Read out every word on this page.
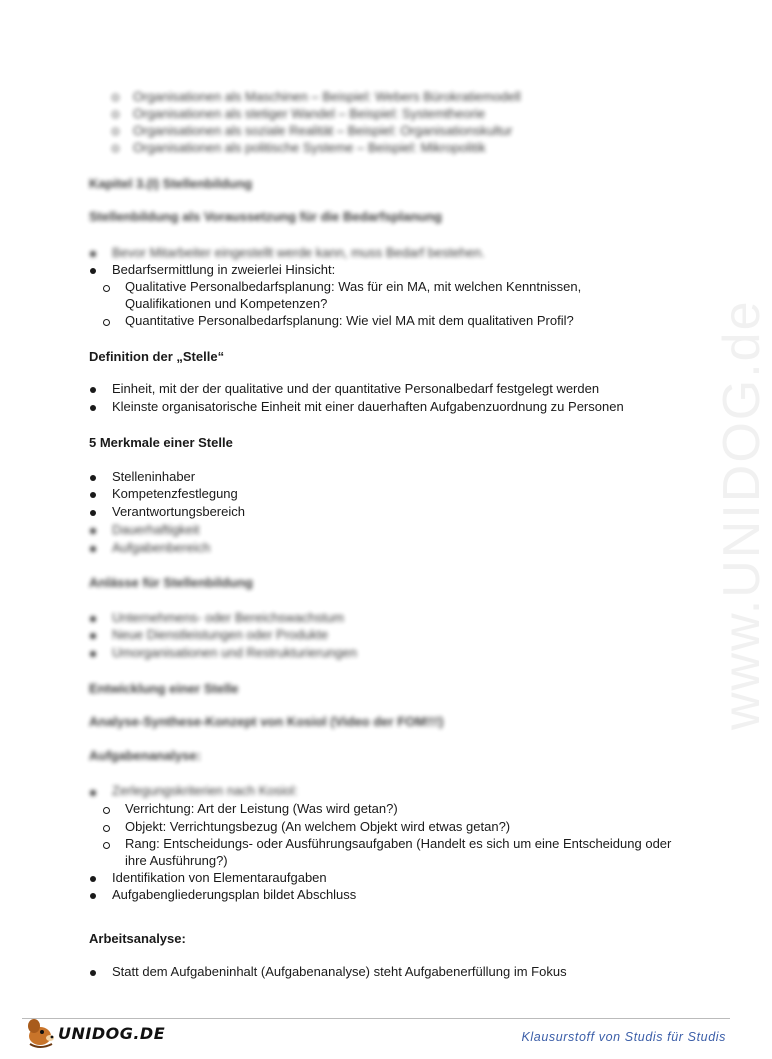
Organisationen als Maschinen – Beispiel: Webers Bürokratiemodell
Organisationen als stetiger Wandel – Beispiel: Systemtheorie
Organisationen als soziale Realität – Beispiel: Organisationskultur
Organisationen als politische Systeme – Beispiel: Mikropolitik
Kapitel 3.(I) Stellenbildung
Stellenbildung als Voraussetzung für die Bedarfsplanung
Bevor Mitarbeiter eingestellt werde kann, muss Bedarf bestehen.
Bedarfsermittlung in zweierlei Hinsicht:
Qualitative Personalbedarfsplanung: Was für ein MA, mit welchen Kenntnissen,
Qualifikationen und Kompetenzen?
Quantitative Personalbedarfsplanung: Wie viel MA mit dem qualitativen Profil?
Definition der „Stelle“
Einheit, mit der der qualitative und der quantitative Personalbedarf festgelegt werden
Kleinste organisatorische Einheit mit einer dauerhaften Aufgabenzuordnung zu Personen
5 Merkmale einer Stelle
Stelleninhaber
Kompetenzfestlegung
Verantwortungsbereich
Dauerhaftigkeit
Aufgabenbereich
Anlässe für Stellenbildung
Unternehmens- oder Bereichswachstum
Neue Dienstleistungen oder Produkte
Umorganisationen und Restrukturierungen
Entwicklung einer Stelle
Analyse-Synthese-Konzept von Kosiol (Video der FOM!!!)
Aufgabenanalyse:
Zerlegungskriterien nach Kosiol:
Verrichtung: Art der Leistung (Was wird getan?)
Objekt: Verrichtungsbezug (An welchem Objekt wird etwas getan?)
Rang: Entscheidungs- oder Ausführungsaufgaben (Handelt es sich um eine Entscheidung oder
ihre Ausführung?)
Identifikation von Elementaraufgaben
Aufgabengliederungsplan bildet Abschluss
Arbeitsanalyse:
Statt dem Aufgabeninhalt (Aufgabenanalyse) steht Aufgabenerfüllung im Fokus
www.UNIDOG.de
UNIDOG.DE	Klausurstoff von Studis für Studis
